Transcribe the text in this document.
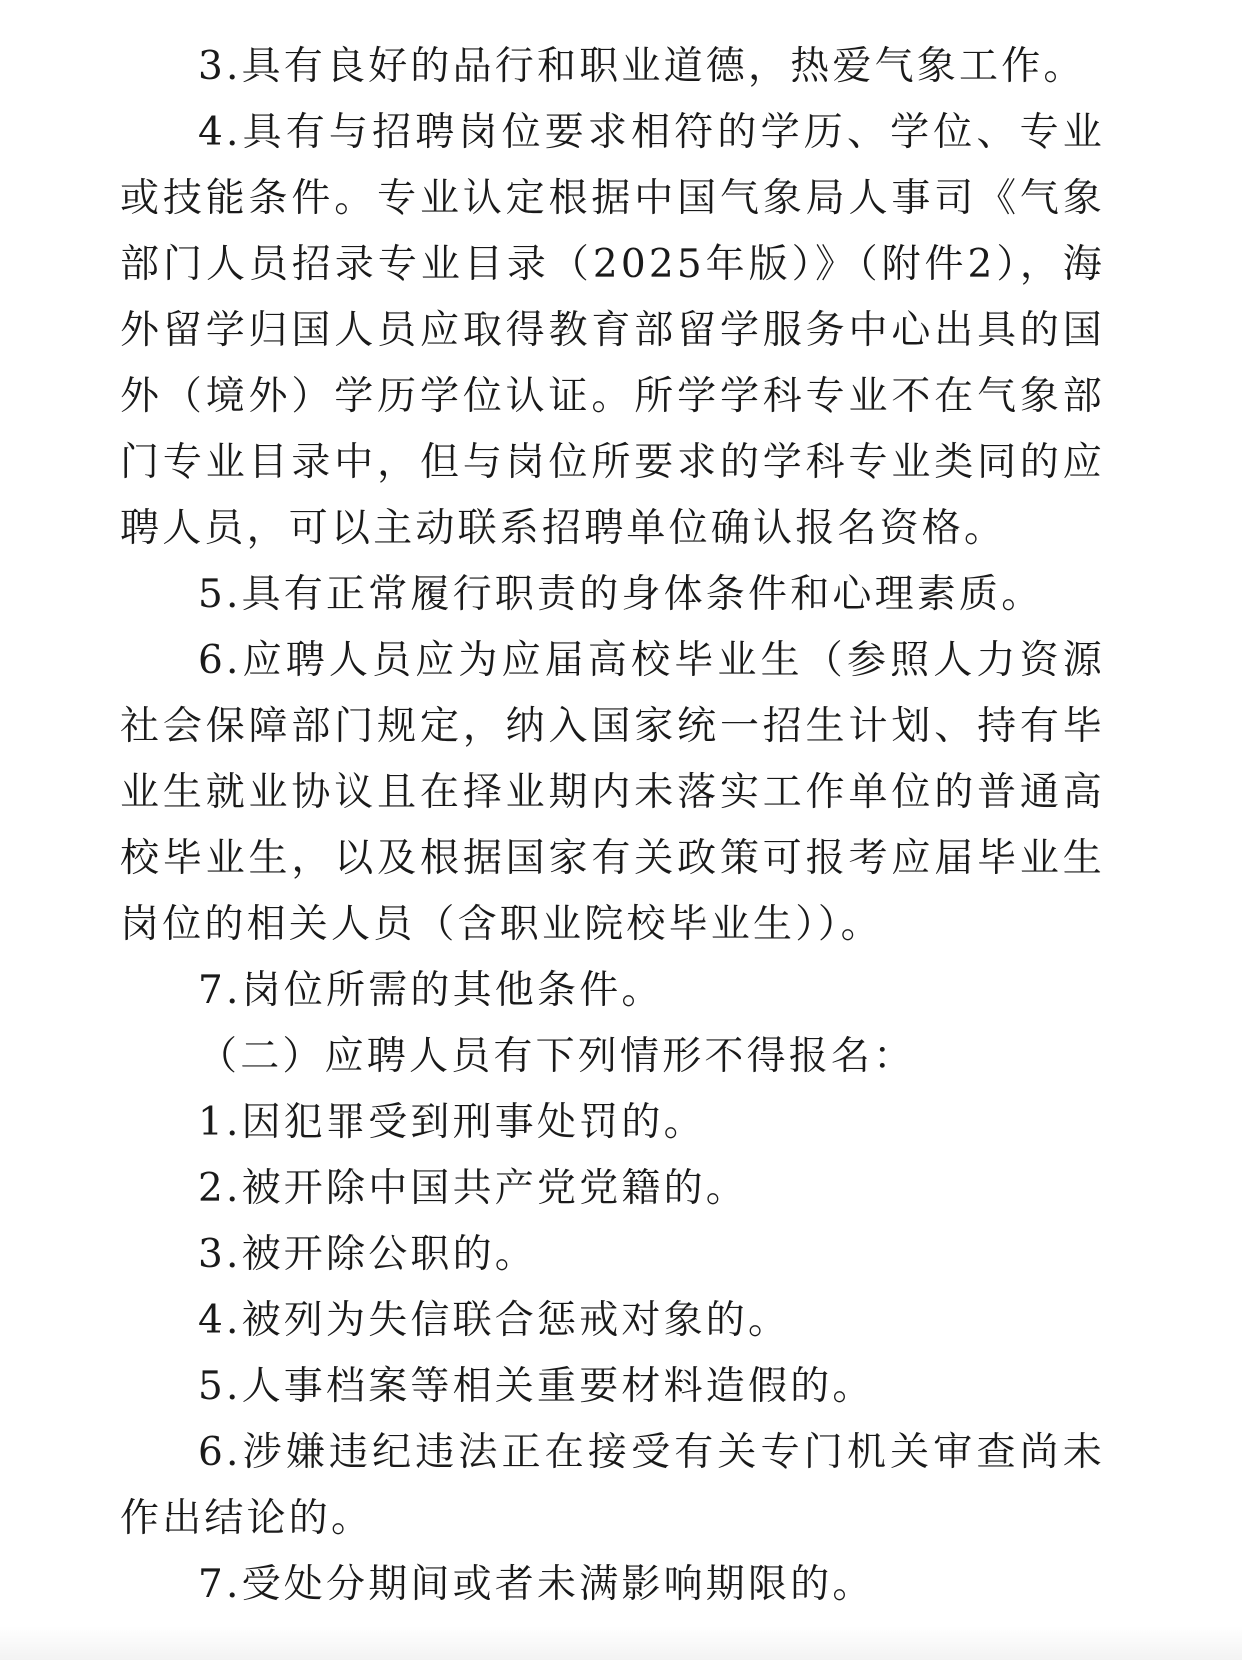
3.具有良好的品行和职业道德，热爱气象工作。

4.具有与招聘岗位要求相符的学历、学位、专业或技能条件。专业认定根据中国气象局人事司《气象部门人员招录专业目录（2025年版）》（附件2），海外留学归国人员应取得教育部留学服务中心出具的国外（境外）学历学位认证。所学学科专业不在气象部门专业目录中，但与岗位所要求的学科专业类同的应聘人员，可以主动联系招聘单位确认报名资格。

5.具有正常履行职责的身体条件和心理素质。

6.应聘人员应为应届高校毕业生（参照人力资源社会保障部门规定，纳入国家统一招生计划、持有毕业生就业协议且在择业期内未落实工作单位的普通高校毕业生，以及根据国家有关政策可报考应届毕业生岗位的相关人员（含职业院校毕业生））。

7.岗位所需的其他条件。

（二）应聘人员有下列情形不得报名：

1.因犯罪受到刑事处罚的。

2.被开除中国共产党党籍的。

3.被开除公职的。

4.被列为失信联合惩戒对象的。

5.人事档案等相关重要材料造假的。

6.涉嫌违纪违法正在接受有关专门机关审查尚未作出结论的。

7.受处分期间或者未满影响期限的。
